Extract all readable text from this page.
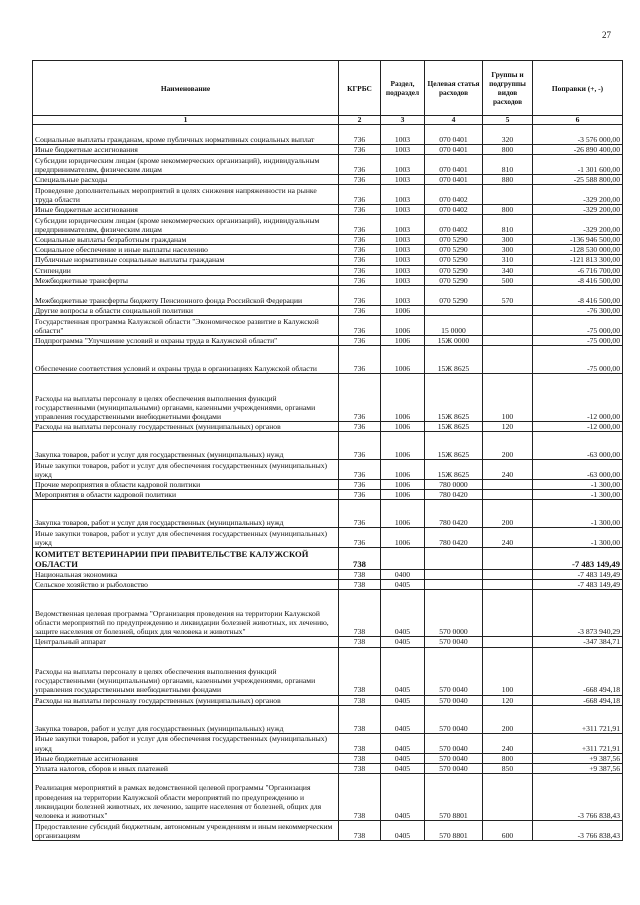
27
Наименование	КГРБС	Раздел, подраздел	Целевая статья расходов	Группы и подгруппы видов расходов	Поправки (+, -)
1	2	3	4	5	6
Социальные выплаты гражданам, кроме публичных нормативных социальных выплат	736	1003	070 0401	320	-3 576 000,00
Иные бюджетные ассигнования	736	1003	070 0401	800	-26 890 400,00
Субсидии юридическим лицам (кроме некоммерческих организаций), индивидуальным предпринимателям, физическим лицам	736	1003	070 0401	810	-1 301 600,00
Специальные расходы	736	1003	070 0401	880	-25 588 800,00
Проведение дополнительных мероприятий в целях снижения напряженности на рынке труда области	736	1003	070 0402		-329 200,00
Иные бюджетные ассигнования	736	1003	070 0402	800	-329 200,00
Субсидии юридическим лицам (кроме некоммерческих организаций), индивидуальным предпринимателям, физическим лицам	736	1003	070 0402	810	-329 200,00
Социальные выплаты безработным гражданам	736	1003	070 5290	300	-136 946 500,00
Социальное обеспечение и иные выплаты населению	736	1003	070 5290	300	-128 530 000,00
Публичные нормативные социальные выплаты гражданам	736	1003	070 5290	310	-121 813 300,00
Стипендии	736	1003	070 5290	340	-6 716 700,00
Межбюджетные трансферты	736	1003	070 5290	500	-8 416 500,00
Межбюджетные трансферты бюджету Пенсионного фонда Российской Федерации	736	1003	070 5290	570	-8 416 500,00
Другие вопросы в области социальной политики	736	1006			-76 300,00
Государственная программа Калужской области "Экономическое развитие в Калужской области"	736	1006	15 0000		-75 000,00
Подпрограмма "Улучшение условий и охраны труда в Калужской области"	736	1006	15Ж 0000		-75 000,00
Обеспечение соответствия условий и охраны труда в организациях Калужской области	736	1006	15Ж 8625		-75 000,00
Расходы на выплаты персоналу в целях обеспечения выполнения функций государственными (муниципальными) органами, казенными учреждениями, органами управления государственными внебюджетными фондами	736	1006	15Ж 8625	100	-12 000,00
Расходы на выплаты персоналу государственных (муниципальных) органов	736	1006	15Ж 8625	120	-12 000,00
Закупка товаров, работ и услуг для государственных (муниципальных) нужд	736	1006	15Ж 8625	200	-63 000,00
Иные закупки товаров, работ и услуг для обеспечения государственных (муниципальных) нужд	736	1006	15Ж 8625	240	-63 000,00
Прочие мероприятия в области кадровой политики	736	1006	780 0000		-1 300,00
Мероприятия в области кадровой политики	736	1006	780 0420		-1 300,00
Закупка товаров, работ и услуг для государственных (муниципальных) нужд	736	1006	780 0420	200	-1 300,00
Иные закупки товаров, работ и услуг для обеспечения государственных (муниципальных) нужд	736	1006	780 0420	240	-1 300,00
КОМИТЕТ ВЕТЕРИНАРИИ ПРИ ПРАВИТЕЛЬСТВЕ КАЛУЖСКОЙ ОБЛАСТИ	738				-7 483 149,49
Национальная экономика	738	0400			-7 483 149,49
Сельское хозяйство и рыболовство	738	0405			-7 483 149,49
Ведомственная целевая программа "Организация проведения на территории Калужской области мероприятий по предупреждению и ликвидации болезней животных, их лечению, защите населения от болезней, общих для человека и животных"	738	0405	570 0000		-3 873 940,29
Центральный аппарат	738	0405	570 0040		-347 384,71
Расходы на выплаты персоналу в целях обеспечения выполнения функций государственными (муниципальными) органами, казенными учреждениями, органами управления государственными внебюджетными фондами	738	0405	570 0040	100	-668 494,18
Расходы на выплаты персоналу государственных (муниципальных) органов	738	0405	570 0040	120	-668 494,18
Закупка товаров, работ и услуг для государственных (муниципальных) нужд	738	0405	570 0040	200	+311 721,91
Иные закупки товаров, работ и услуг для обеспечения государственных (муниципальных) нужд	738	0405	570 0040	240	+311 721,91
Иные бюджетные ассигнования	738	0405	570 0040	800	+9 387,56
Уплата налогов, сборов и иных платежей	738	0405	570 0040	850	+9 387,56
Реализация мероприятий в рамках ведомственной целевой программы "Организация проведения на территории Калужской области мероприятий по предупреждению и ликвидации болезней животных, их лечению, защите населения от болезней, общих для человека и животных"	738	0405	570 8801		-3 766 838,43
Предоставление субсидий бюджетным, автономным учреждениям и иным некоммерческим организациям	738	0405	570 8801	600	-3 766 838,43
